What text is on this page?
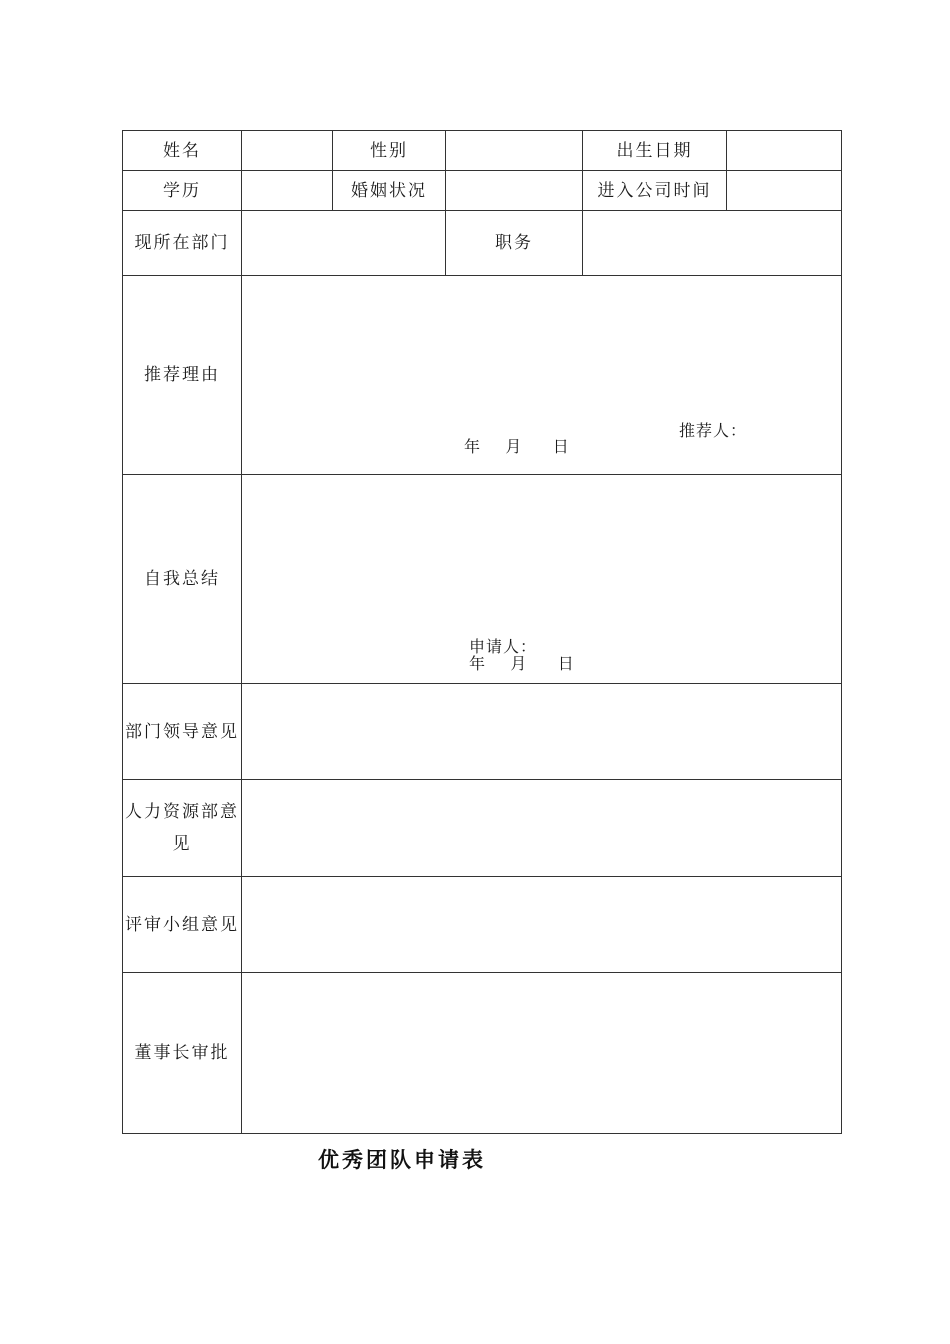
姓名		性别		出生日期	
学历		婚姻状况		进入公司时间	
现所在部门			职务		
推荐理由	推荐人：
年    月     日				

自我总结	申请人：
年    月     日				

部门领导意见					
人力资源部意见					
评审小组意见					
董事长审批					
优秀团队申请表
